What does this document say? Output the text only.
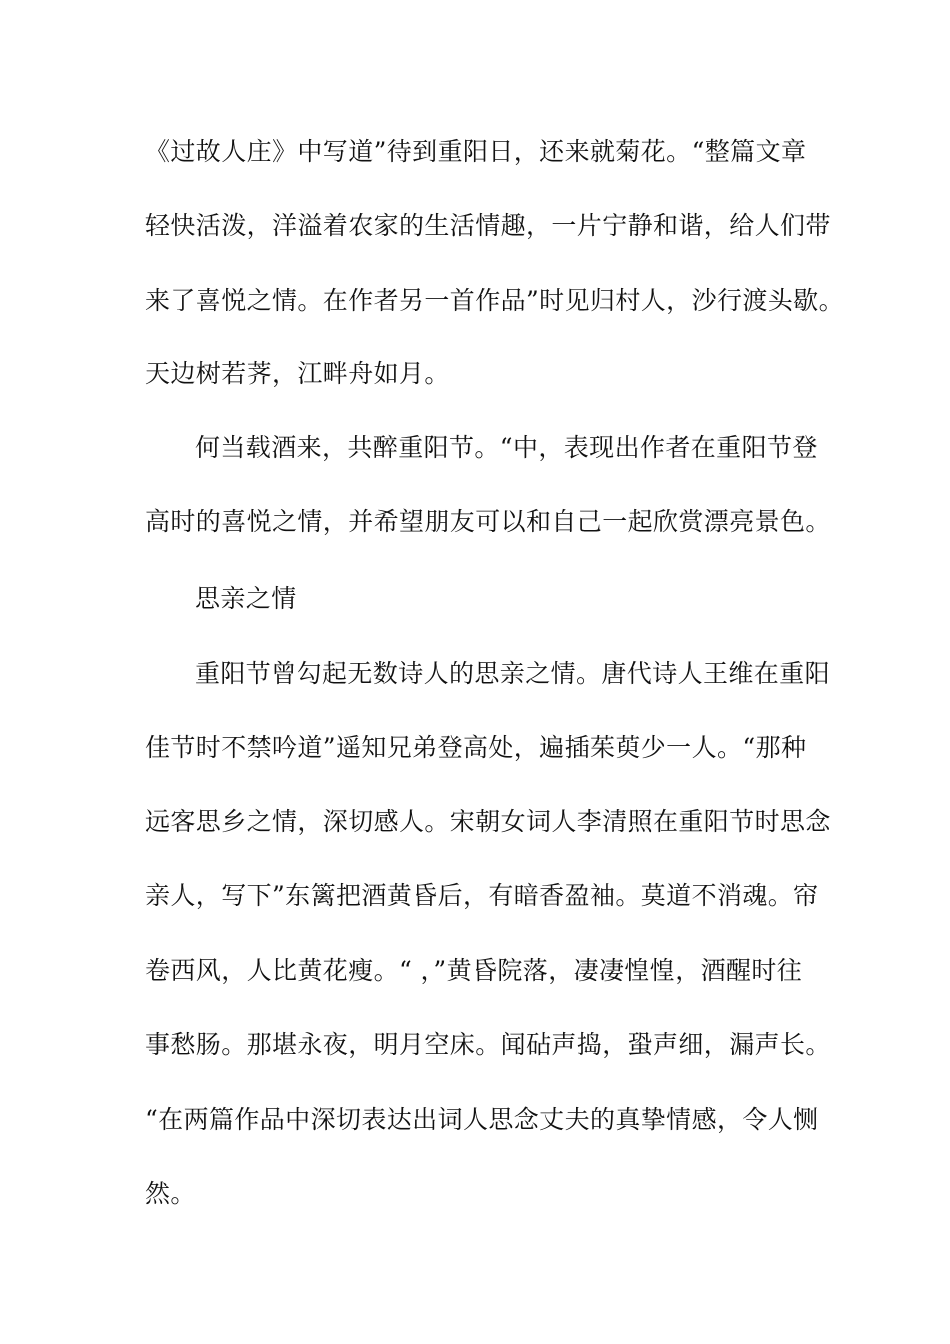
《过故人庄》中写道”待到重阳日，还来就菊花。“整篇文章
轻快活泼，洋溢着农家的生活情趣，一片宁静和谐，给人们带
来了喜悦之情。在作者另一首作品”时见归村人，沙行渡头歇。
天边树若荠，江畔舟如月。
何当载酒来，共醉重阳节。“中，表现出作者在重阳节登
高时的喜悦之情，并希望朋友可以和自己一起欣赏漂亮景色。
思亲之情
重阳节曾勾起无数诗人的思亲之情。唐代诗人王维在重阳
佳节时不禁吟道”遥知兄弟登高处，遍插茱萸少一人。“那种
远客思乡之情，深切感人。宋朝女词人李清照在重阳节时思念
亲人，写下”东篱把酒黄昏后，有暗香盈袖。莫道不消魂。帘
卷西风，人比黄花瘦。“ ，”黄昏院落，凄凄惶惶，酒醒时往
事愁肠。那堪永夜，明月空床。闻砧声捣，蛩声细，漏声长。
“在两篇作品中深切表达出词人思念丈夫的真挚情感，令人恻
然。
